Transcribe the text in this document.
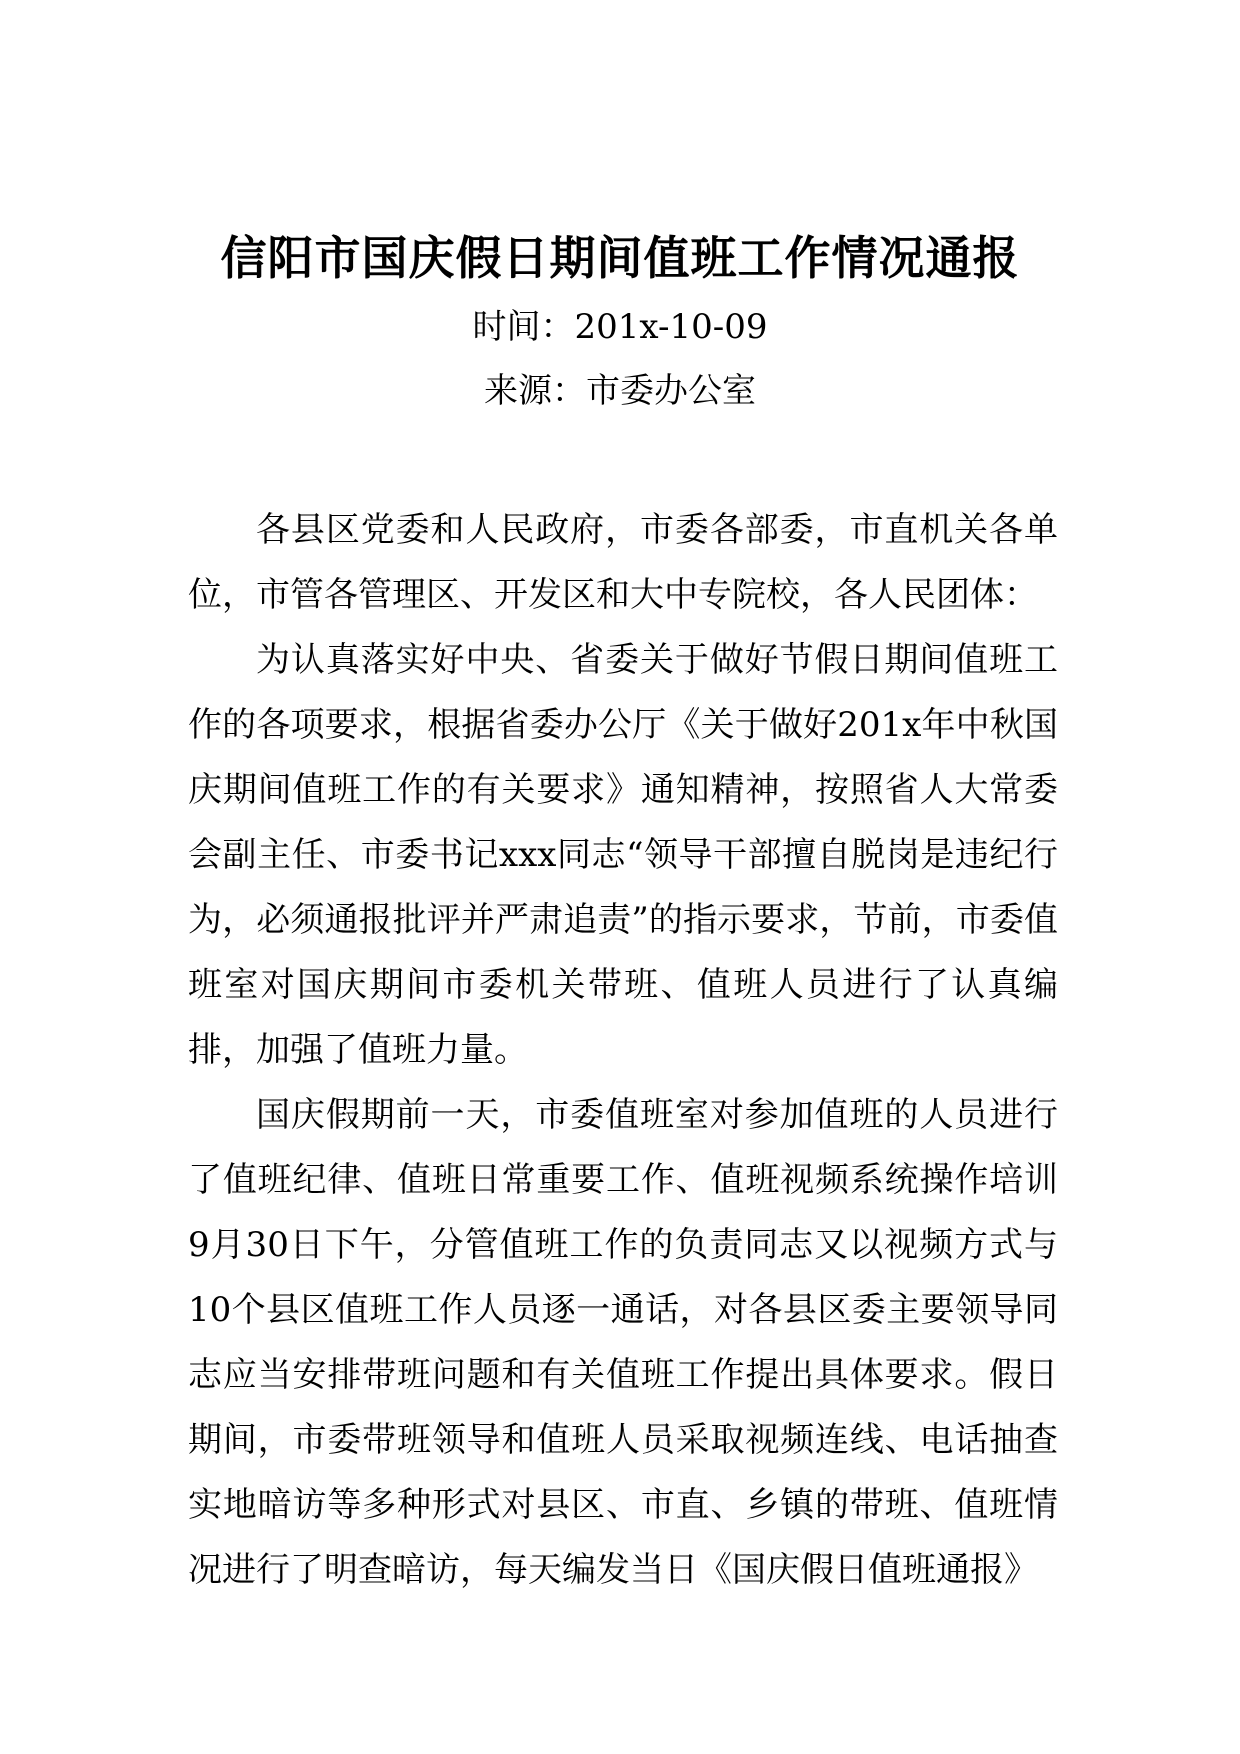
信阳市国庆假日期间值班工作情况通报

时间：201x-10-09

来源：市委办公室

各县区党委和人民政府，市委各部委，市直机关各单位，市管各管理区、开发区和大中专院校，各人民团体：

为认真落实好中央、省委关于做好节假日期间值班工作的各项要求，根据省委办公厅《关于做好201x年中秋国庆期间值班工作的有关要求》通知精神，按照省人大常委会副主任、市委书记xxx同志“领导干部擅自脱岗是违纪行为，必须通报批评并严肃追责”的指示要求，节前，市委值班室对国庆期间市委机关带班、值班人员进行了认真编排，加强了值班力量。

国庆假期前一天，市委值班室对参加值班的人员进行了值班纪律、值班日常重要工作、值班视频系统操作培训9月30日下午，分管值班工作的负责同志又以视频方式与10个县区值班工作人员逐一通话，对各县区委主要领导同志应当安排带班问题和有关值班工作提出具体要求。假日期间，市委带班领导和值班人员采取视频连线、电话抽查实地暗访等多种形式对县区、市直、乡镇的带班、值班情况进行了明查暗访，每天编发当日《国庆假日值班通报》
